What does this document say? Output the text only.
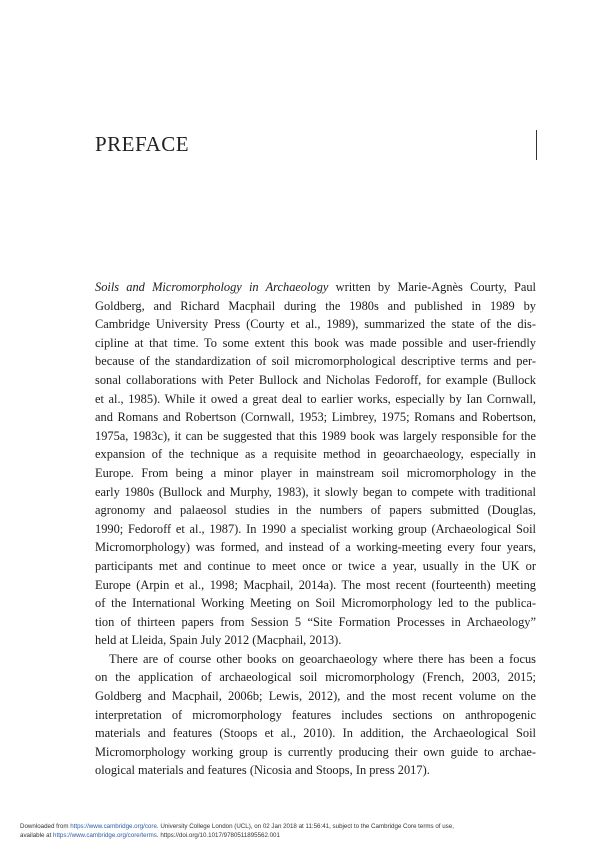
PREFACE
Soils and Micromorphology in Archaeology written by Marie-Agnès Courty, Paul
Goldberg, and Richard Macphail during the 1980s and published in 1989 by
Cambridge University Press (Courty et al., 1989), summarized the state of the dis-
cipline at that time. To some extent this book was made possible and user-friendly
because of the standardization of soil micromorphological descriptive terms and per-
sonal collaborations with Peter Bullock and Nicholas Fedoroff, for example (Bullock
et al., 1985). While it owed a great deal to earlier works, especially by Ian Cornwall,
and Romans and Robertson (Cornwall, 1953; Limbrey, 1975; Romans and Robertson,
1975a, 1983c), it can be suggested that this 1989 book was largely responsible for the
expansion of the technique as a requisite method in geoarchaeology, especially in
Europe. From being a minor player in mainstream soil micromorphology in the
early 1980s (Bullock and Murphy, 1983), it slowly began to compete with traditional
agronomy and palaeosol studies in the numbers of papers submitted (Douglas,
1990; Fedoroff et al., 1987). In 1990 a specialist working group (Archaeological Soil
Micromorphology) was formed, and instead of a working-meeting every four years,
participants met and continue to meet once or twice a year, usually in the UK or
Europe (Arpin et al., 1998; Macphail, 2014a). The most recent (fourteenth) meeting
of the International Working Meeting on Soil Micromorphology led to the publica-
tion of thirteen papers from Session 5 “Site Formation Processes in Archaeology”
held at Lleida, Spain July 2012 (Macphail, 2013).
There are of course other books on geoarchaeology where there has been a focus
on the application of archaeological soil micromorphology (French, 2003, 2015;
Goldberg and Macphail, 2006b; Lewis, 2012), and the most recent volume on the
interpretation of micromorphology features includes sections on anthropogenic
materials and features (Stoops et al., 2010). In addition, the Archaeological Soil
Micromorphology working group is currently producing their own guide to archae-
ological materials and features (Nicosia and Stoops, In press 2017).
Downloaded from https://www.cambridge.org/core. University College London (UCL), on 02 Jan 2018 at 11:56:41, subject to the Cambridge Core terms of use,
available at https://www.cambridge.org/core/terms. https://doi.org/10.1017/9780511895562.001
